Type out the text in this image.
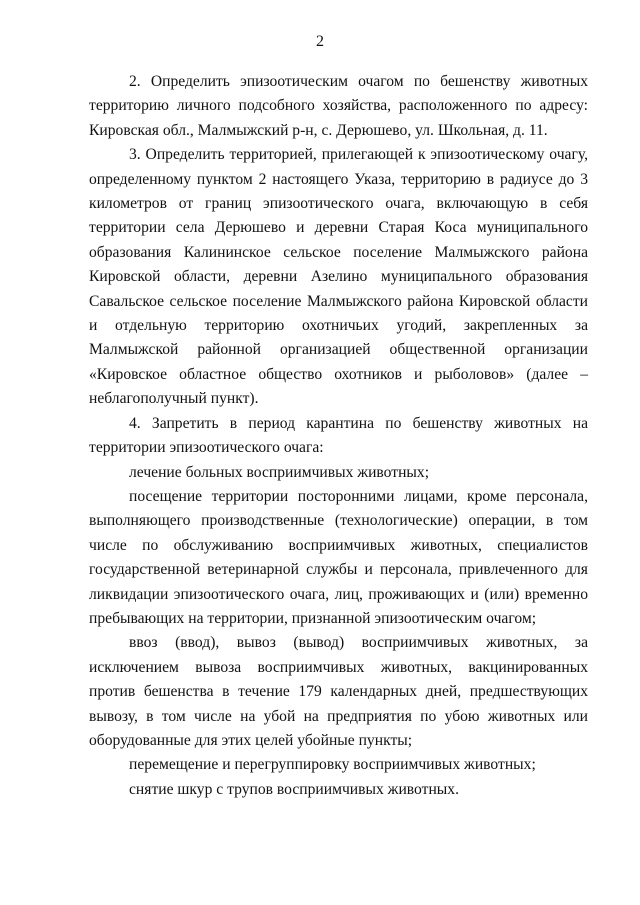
2

2. Определить эпизоотическим очагом по бешенству животных территорию личного подсобного хозяйства, расположенного по адресу: Кировская обл., Малмыжский р-н, с. Дерюшево, ул. Школьная, д. 11.

3. Определить территорией, прилегающей к эпизоотическому очагу, определенному пунктом 2 настоящего Указа, территорию в радиусе до 3 километров от границ эпизоотического очага, включающую в себя территории села Дерюшево и деревни Старая Коса муниципального образования Калининское сельское поселение Малмыжского района Кировской области, деревни Азелино муниципального образования Савальское сельское поселение Малмыжского района Кировской области и отдельную территорию охотничьих угодий, закрепленных за Малмыжской районной организацией общественной организации «Кировское областное общество охотников и рыболовов» (далее – неблагополучный пункт).

4. Запретить в период карантина по бешенству животных на территории эпизоотического очага:

лечение больных восприимчивых животных;

посещение территории посторонними лицами, кроме персонала, выполняющего производственные (технологические) операции, в том числе по обслуживанию восприимчивых животных, специалистов государственной ветеринарной службы и персонала, привлеченного для ликвидации эпизоотического очага, лиц, проживающих и (или) временно пребывающих на территории, признанной эпизоотическим очагом;

ввоз (ввод), вывоз (вывод) восприимчивых животных, за исключением вывоза восприимчивых животных, вакцинированных против бешенства в течение 179 календарных дней, предшествующих вывозу, в том числе на убой на предприятия по убою животных или оборудованные для этих целей убойные пункты;

перемещение и перегруппировку восприимчивых животных;

снятие шкур с трупов восприимчивых животных.
